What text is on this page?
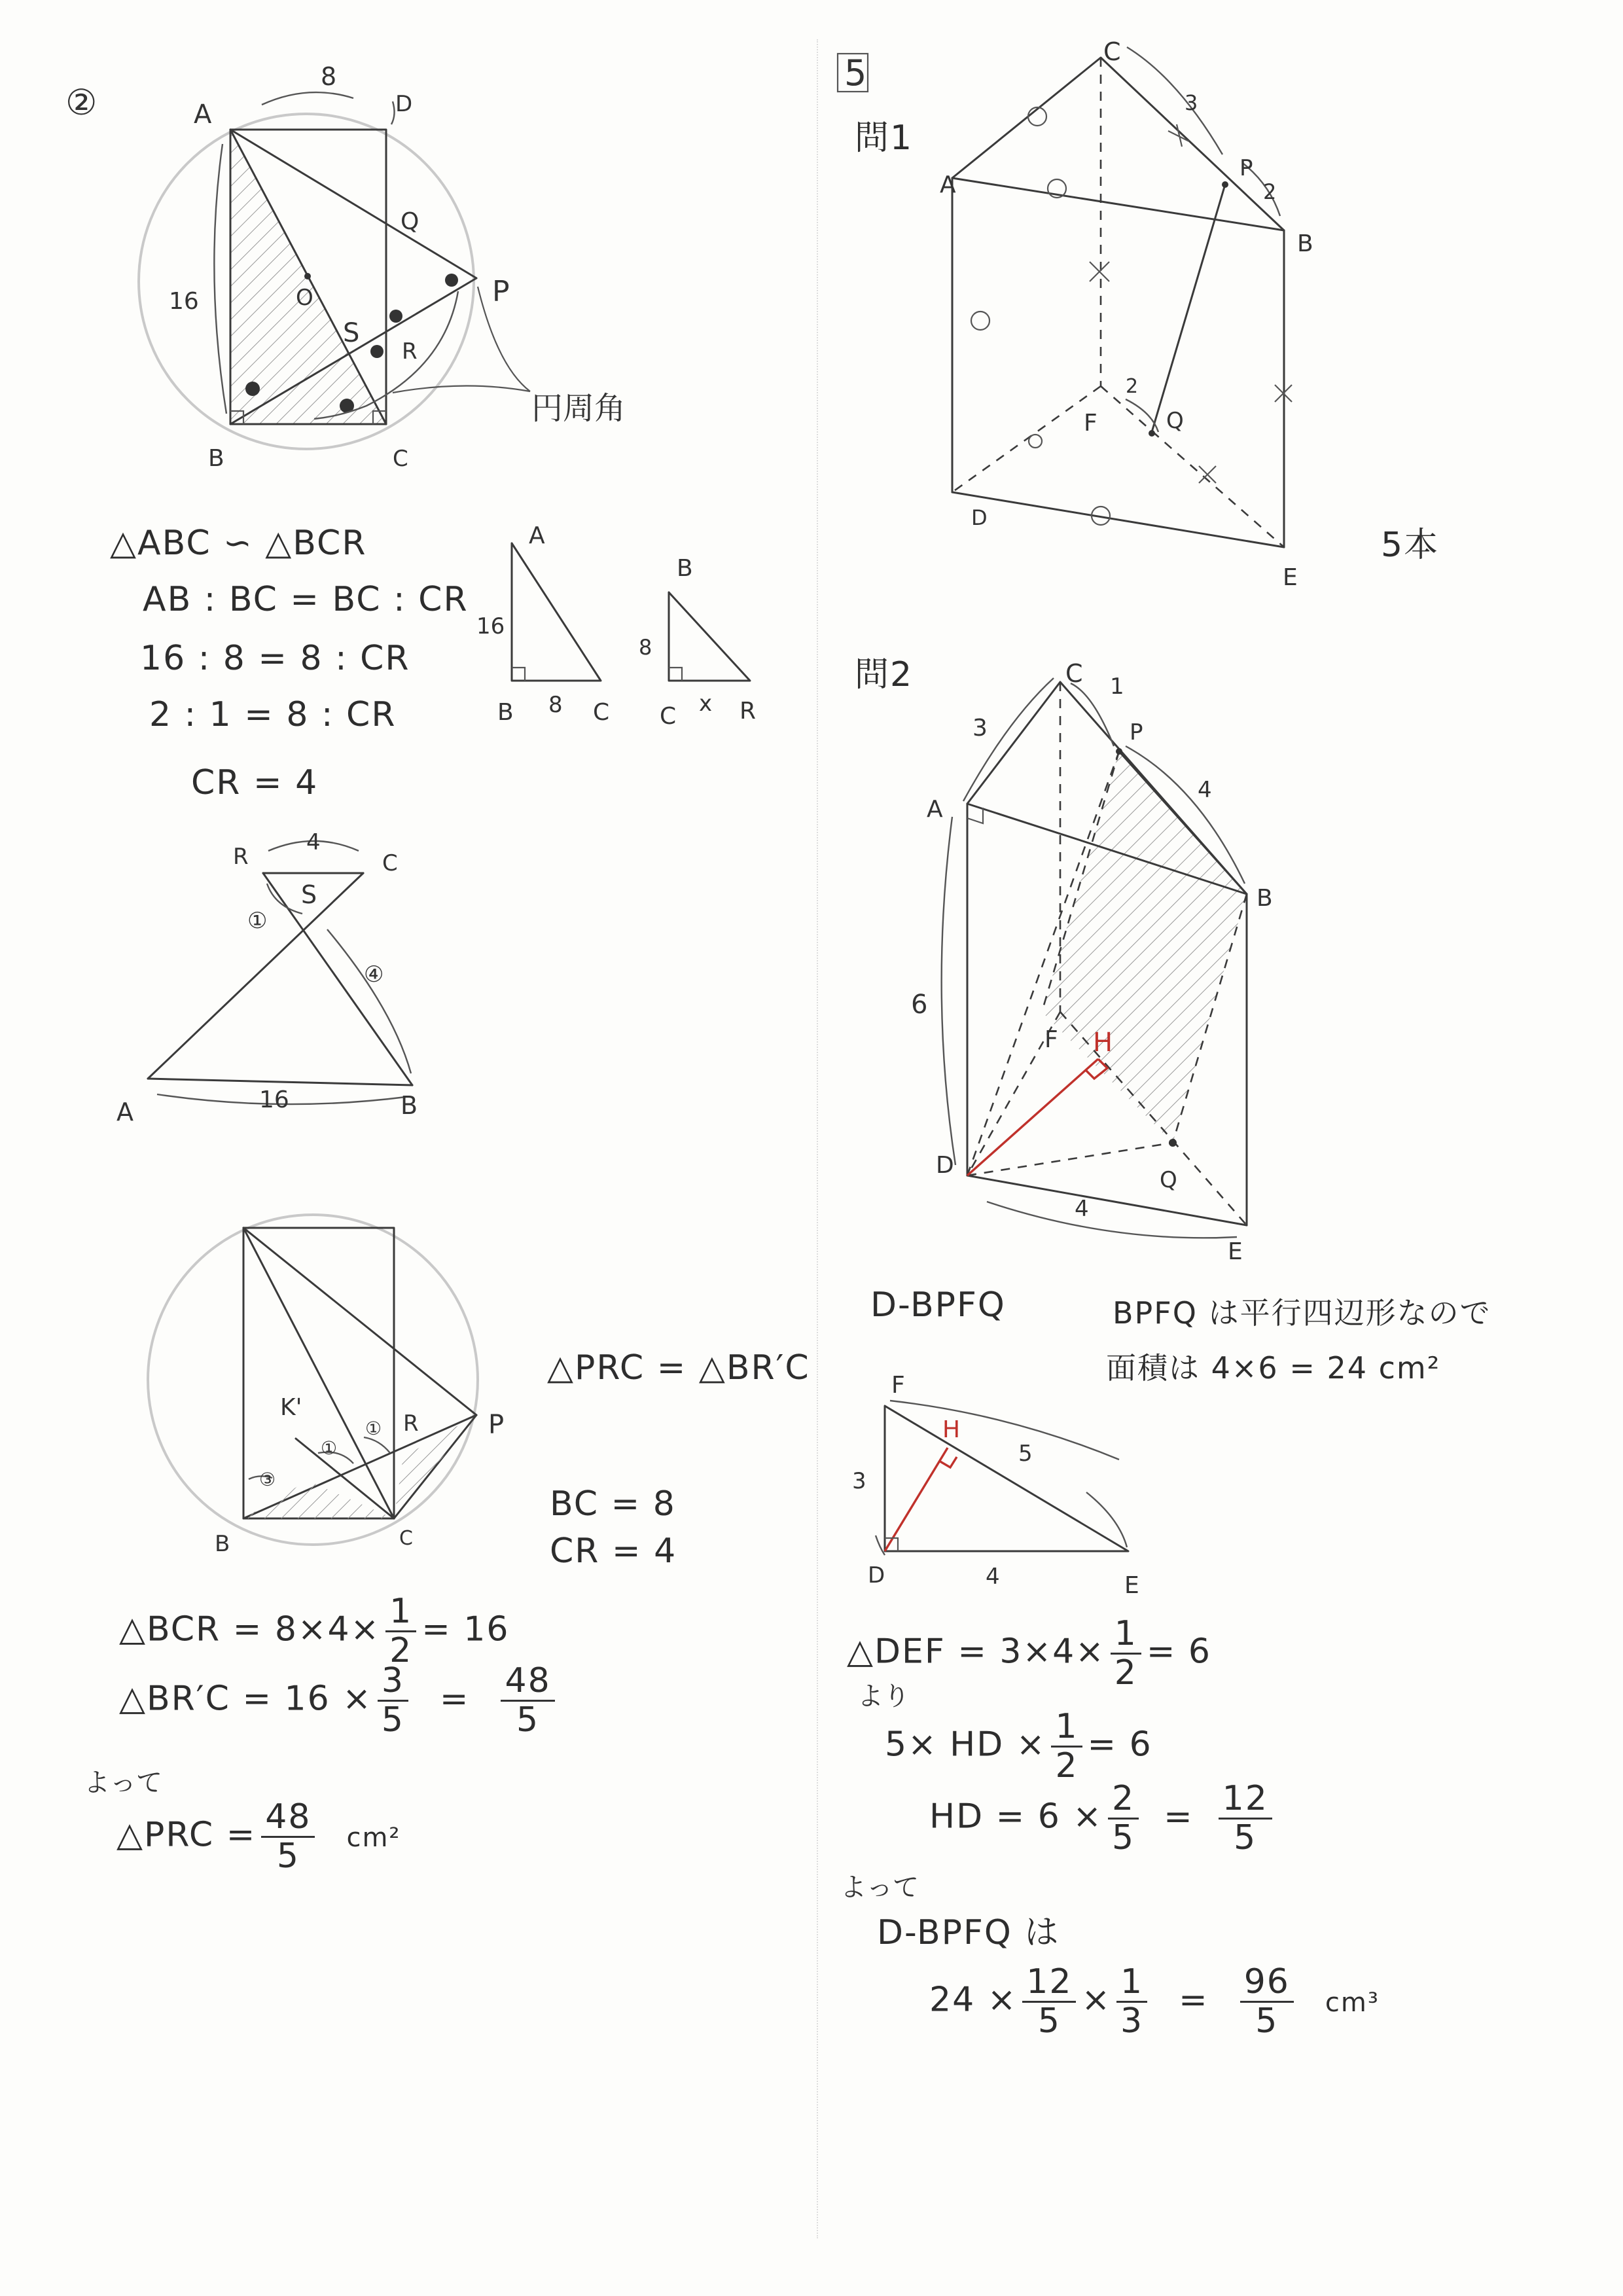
A	D
B	C
O
Q
P
S
R
8
16
円周角
②
A
B	C
16
8
B
C	R
8
x
R	C
S
A	B
4
①
④
16
K'
R	P
B	C
①
③
①
△ABC ∽ △BCR
AB : BC = BC : CR
16 : 8 = 8 : CR
2 : 1 = 8 : CR
CR = 4
△PRC = △BR′C
BC = 8
CR = 4
△BCR = $8\times 4\times \frac{1}{2} = 16$
△BR′C = $16 \times \frac{3}{5} = \frac{48}{5}$
よって
△PRC = $\frac{48}{5} cm^2$
C
A
B
P
F	Q
D
E
3
2
2
5
C
A
B
P
F H
D
Q
E
3
1
4
6
4
F
H
D	E
3
5
4
問1
5本
問2
D-BPFQ	BPFQ は平行四辺形なので
面積は 4×6 = 24 cm²
△DEF = $3\times 4\times \frac{1}{2} = 6$
より
5× HD × $\frac{1}{2} = 6$
HD = $6 \times \frac{2}{5} = \frac{12}{5}$
よって
D-BPFQ は
$24 \times \frac{12}{5} \times \frac{1}{3} = \frac{96}{5} cm^3$
